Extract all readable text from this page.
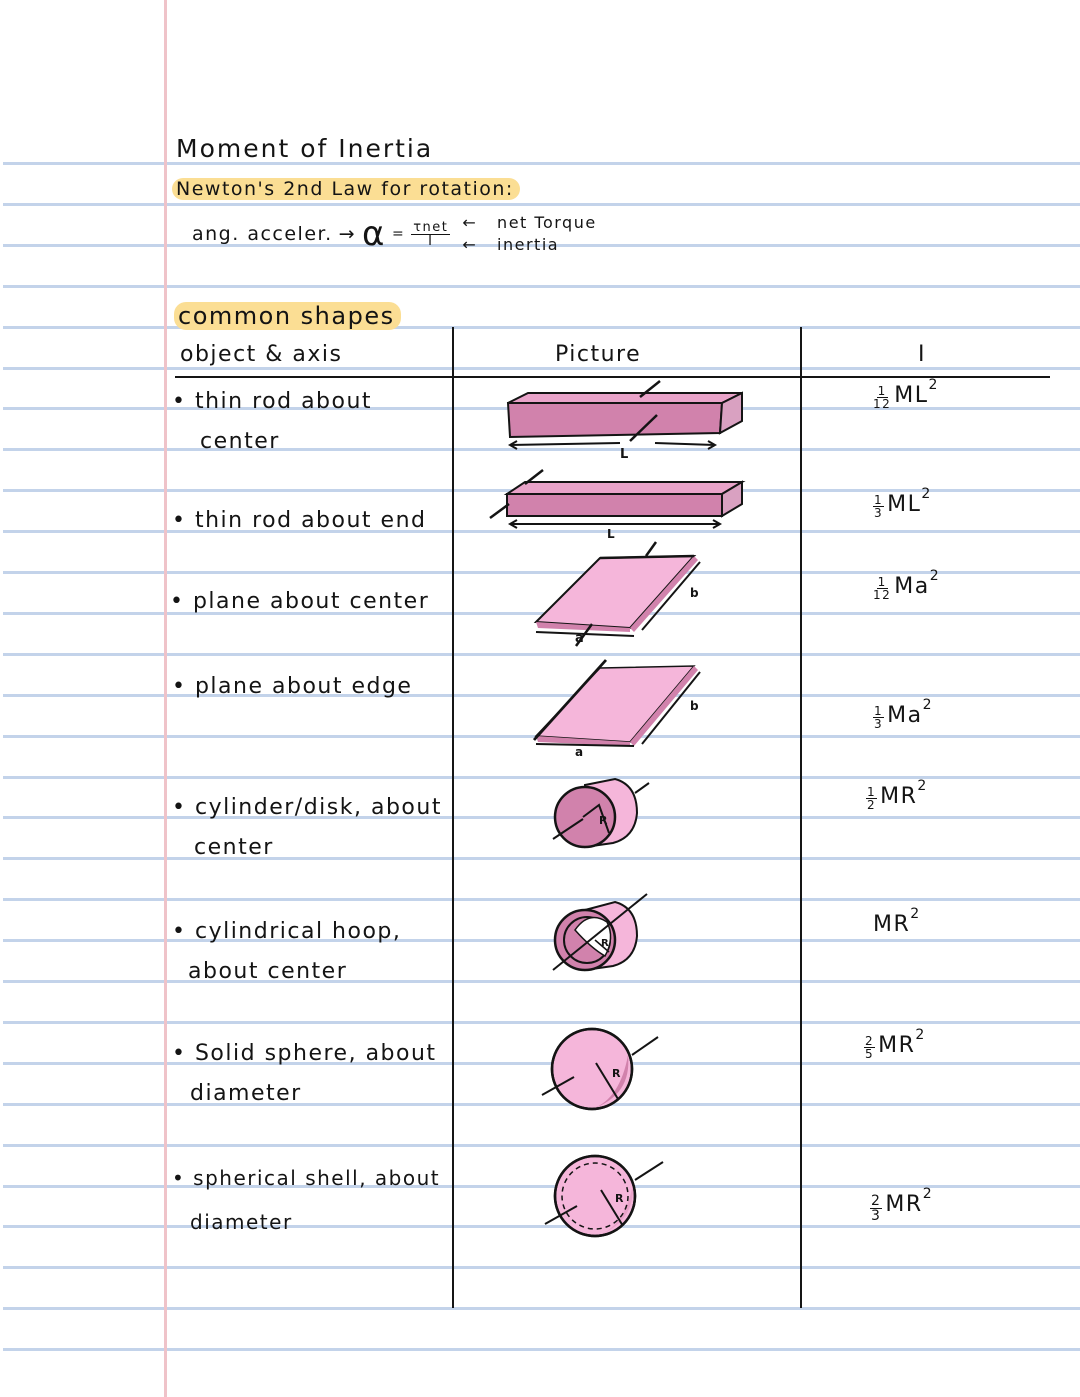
Moment of Inertia
Newton's 2nd Law for rotation:
ang. acceler. → $\alpha = \frac{\text{τnet}}{I}$ ← net Torque
← inertia
common shapes
object & axis	Picture	I
• thin rod about
center
• thin rod about end
• plane about center
• plane about edge
• cylinder/disk, about
center
• cylindrical hoop,
about center
• Solid sphere, about
diameter
• spherical shell, about
diameter
1
12 $ML^2$
1
3 $ML^2$
1
12 Ma$^2$
1
3 Ma$^2$
1
2 $MR^2$
$MR^2$
2
5 $MR^2$
2
3 $MR^2$
L
L
a
b
a
b
R
R
R
R
